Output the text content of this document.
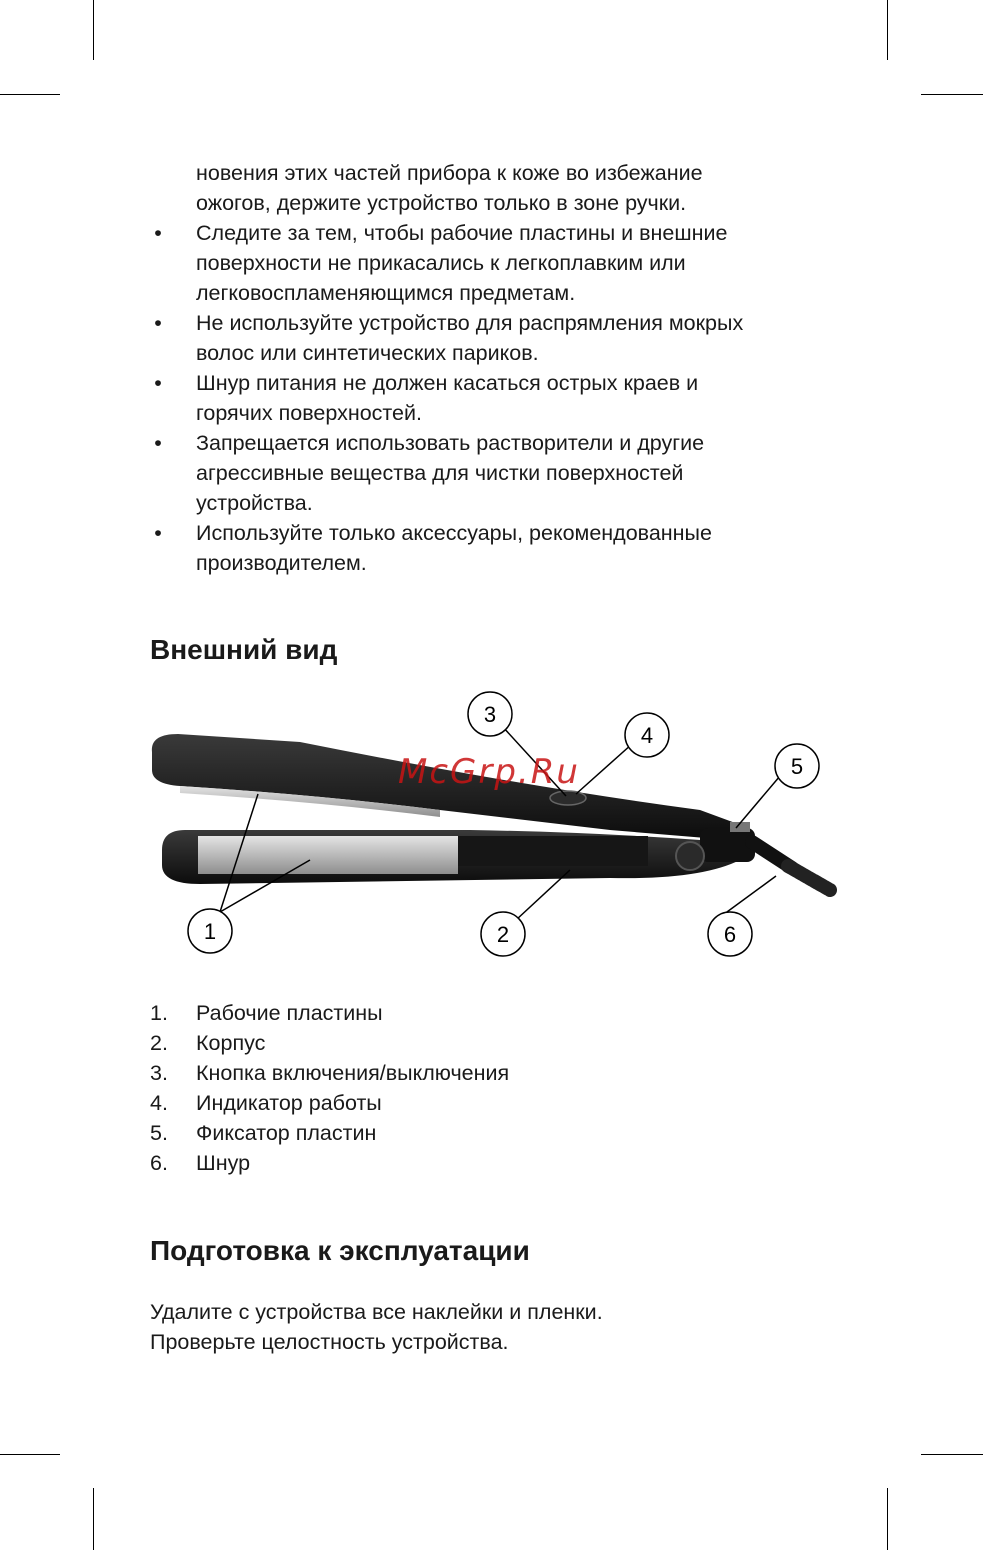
новения этих частей прибора к коже во избежание
ожогов, держите устройство только в зоне ручки.
• Следите за тем, чтобы рабочие пластины и внешние
поверхности не прикасались к легкоплавким или
легковоспламеняющимся предметам.
• Не используйте устройство для распрямления мокрых
волос или синтетических париков.
• Шнур питания не должен касаться острых краев и
горячих поверхностей.
• Запрещается использовать растворители и другие
агрессивные вещества для чистки поверхностей
устройства.
• Используйте только аксессуары, рекомендованные
производителем.
Внешний вид
1	2
3
4
5
6
McGrp.Ru
1. Рабочие пластины
2. Корпус
3. Кнопка включения/выключения
4. Индикатор работы
5. Фиксатор пластин
6. Шнур
Подготовка к эксплуатации
Удалите с устройства все наклейки и пленки.
Проверьте целостность устройства.
